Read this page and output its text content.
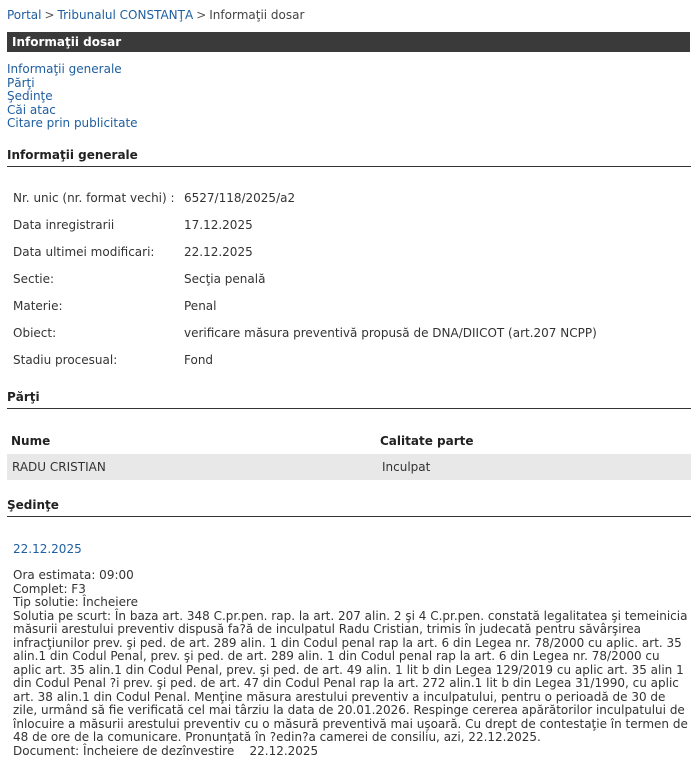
Portal > Tribunalul CONSTANŢA > Informaţii dosar
Informaţii dosar
Informaţii generale
Părţi
Şedinţe
Căi atac
Citare prin publicitate
Informaţii generale
Nr. unic (nr. format vechi) : 6527/118/2025/a2
Data inregistrarii	17.12.2025
Data ultimei modificari: 22.12.2025
Sectie:	Secţia penală
Materie:	Penal
Obiect:	verificare măsura preventivă propusă de DNA/DIICOT (art.207 NCPP)
Stadiu procesual:	Fond
Părţi
Nume	Calitate parte
RADU CRISTIAN	Inculpat
Şedinţe
22.12.2025
Ora estimata: 09:00
Complet: F3
Tip solutie: Încheiere
Solutia pe scurt: În baza art. 348 C.pr.pen. rap. la art. 207 alin. 2 şi 4 C.pr.pen. constată legalitatea şi temeinicia măsurii arestului preventiv dispusă fa?ă de inculpatul Radu Cristian, trimis în judecată pentru săvârşirea infracţiunilor prev. şi ped. de art. 289 alin. 1 din Codul penal rap la art. 6 din Legea nr. 78/2000 cu aplic. art. 35 alin.1 din Codul Penal, prev. şi ped. de art. 289 alin. 1 din Codul penal rap la art. 6 din Legea nr. 78/2000 cu aplic art. 35 alin.1 din Codul Penal, prev. şi ped. de art. 49 alin. 1 lit b din Legea 129/2019 cu aplic art. 35 alin 1 din Codul Penal ?i prev. şi ped. de art. 47 din Codul Penal rap la art. 272 alin.1 lit b din Legea 31/1990, cu aplic art. 38 alin.1 din Codul Penal. Menţine măsura arestului preventiv a inculpatului, pentru o perioadă de 30 de zile, urmând să fie verificată cel mai târziu la data de 20.01.2026. Respinge cererea apărătorilor inculpatului de înlocuire a măsurii arestului preventiv cu o măsură preventivă mai uşoară. Cu drept de contestaţie în termen de 48 de ore de la comunicare. Pronunţată în ?edin?a camerei de consiliu, azi, 22.12.2025.
Document: Încheiere de dezînvestire    22.12.2025
